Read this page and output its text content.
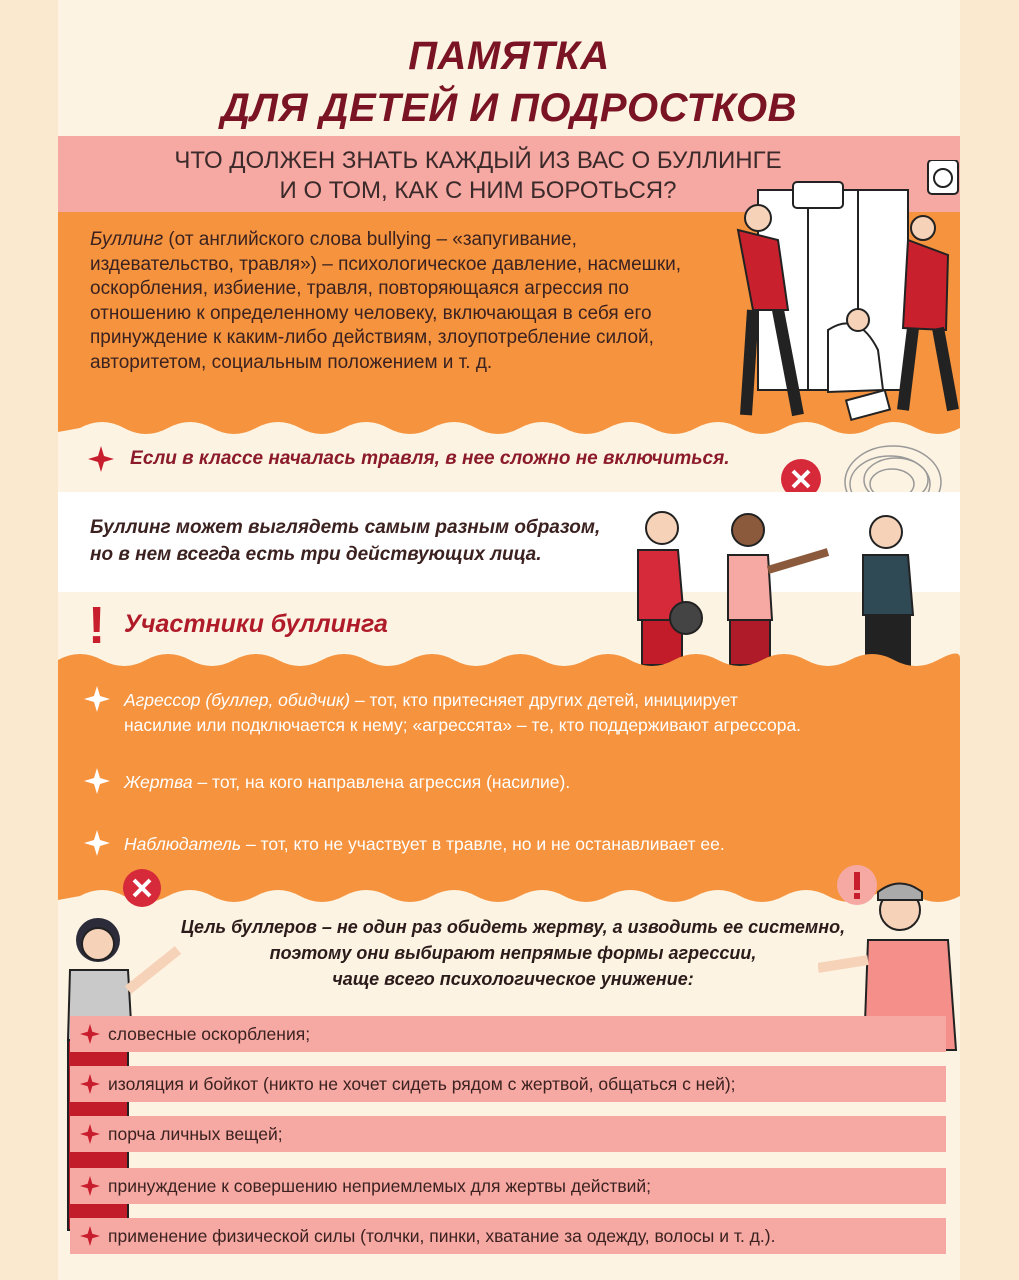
ПАМЯТКА
ДЛЯ ДЕТЕЙ И ПОДРОСТКОВ
ЧТО ДОЛЖЕН ЗНАТЬ КАЖДЫЙ ИЗ ВАС О БУЛЛИНГЕ
И О ТОМ, КАК С НИМ БОРОТЬСЯ?
Буллинг (от английского слова bullying – «запугивание, издевательство, травля») – психологическое давление, насмешки, оскорбления, избиение, травля, повторяющаяся агрессия по отношению к определенному человеку, включающая в себя его принуждение к каким-либо действиям, злоупотребление силой, авторитетом, социальным положением и т. д.
Если в классе началась травля, в нее сложно не включиться.
Буллинг может выглядеть самым разным образом,
но в нем всегда есть три действующих лица.
! Участники буллинга
Агрессор (буллер, обидчик) – тот, кто притесняет других детей, инициирует
насилие или подключается к нему; «агрессята» – те, кто поддерживают агрессора.
Жертва – тот, на кого направлена агрессия (насилие).
Наблюдатель – тот, кто не участвует в травле, но и не останавливает ее.
Цель буллеров – не один раз обидеть жертву, а изводить ее системно,
поэтому они выбирают непрямые формы агрессии,
чаще всего психологическое унижение:
словесные оскорбления;
изоляция и бойкот (никто не хочет сидеть рядом с жертвой, общаться с ней);
порча личных вещей;
принуждение к совершению неприемлемых для жертвы действий;
применение физической силы (толчки, пинки, хватание за одежду, волосы и т. д.).
